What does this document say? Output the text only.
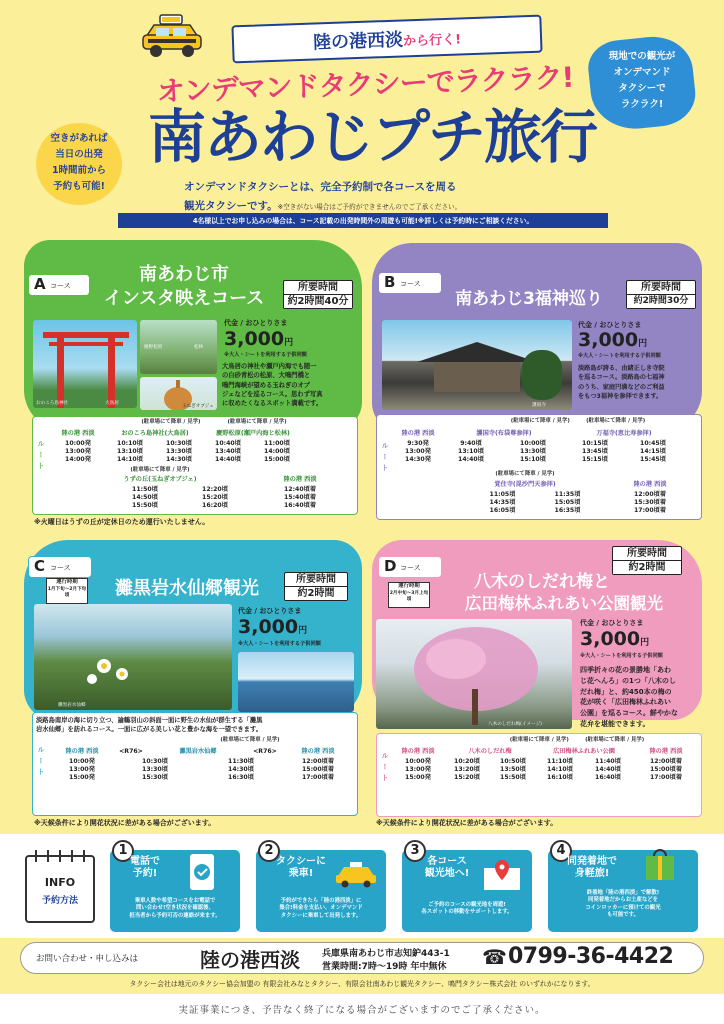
陸の港西淡から行く!
オンデマンドタクシーでラクラク!
南あわじプチ旅行
オンデマンドタクシーとは、完全予約制で各コースを周る
観光タクシーです。※空きがない場合はご予約ができませんのでご了承ください。
4名様以上でお申し込みの場合は、コース記載の出発時間外の周遊も可能!※詳しくは予約時にご相談ください。
空きがあれば
当日の出発
1時間前から
予約も可能!
現地での観光が
オンデマンド
タクシーで
ラクラク!
A コース
南あわじ市
インスタ映えコース
所要時間
約2時間40分
おのころ島神社	大鳥居
慶野松原	松林
玉ねぎオブジェ
代金 / おひとりさま
3,000円
※大人・シートを利用する子供同額
大鳥居の神社や瀬戸内海でも随一
の白砂青松の松原、大鳴門橋と
鳴門海峡が望める玉ねぎのオブ
ジェなどを巡るコース。思わず写真
に収めたくなるスポット満載です。
ルート
(駐車場にて降車 / 見学)　　　　　	(駐車場にて降車 / 見学)
陸の港 西淡	おのころ島神社(大鳥居)	慶野松原(瀬戸内海と松林)
10:00発	10:10頃	10:30頃	10:40頃	11:00頃
13:00発	13:10頃	13:30頃	13:40頃	14:00頃
14:00発	14:10頃	14:30頃	14:40頃	15:00頃
(駐車場にて降車 / 見学)
うずの丘(玉ねぎオブジェ)	陸の港 西淡
11:50頃	12:20頃	12:40頃着
14:50頃	15:20頃	15:40頃着
15:50頃	16:20頃	16:40頃着
※火曜日はうずの丘が定休日のため運行いたしません。
B コース
南あわじ3福神巡り
所要時間
約2時間30分
護国寺
代金 / おひとりさま
3,000円
※大人・シートを利用する子供同額
淡路島が誇る、由緒正しき寺院
を巡るコース。淡路島の七福神
のうち、家庭円満などのご利益
をもつ3福神を参拝できます。
ルート
(駐車場にて降車 / 見学)　　　	(駐車場にて降車 / 見学)
陸の港 西淡	護国寺(布袋尊参拝)	万福寺(恵比寿参拝)
9:30発	9:40頃	10:00頃	10:15頃	10:45頃
13:00発	13:10頃	13:30頃	13:45頃	14:15頃
14:30発	14:40頃	15:10頃	15:15頃	15:45頃
(駐車場にて降車 / 見学)
覚住寺(毘沙門天参拝)	陸の港 西淡
11:05頃	11:35頃	12:00頃着
14:35頃	15:05頃	15:30頃着
16:05頃	16:35頃	17:00頃着
C コース
運行時期
1月下旬〜2月下旬頃	灘黒岩水仙郷観光	所要時間
約2時間
灘黒岩水仙郷
代金 / おひとりさま
3,000円
※大人・シートを利用する子供同額
淡路島南岸の海に切り立つ、諭鶴羽山の斜面一面に野生の水仙が群生する「灘黒
岩水仙郷」を訪れるコース。一面に広がる美しい花と豊かな海を一望できます。
ルート
(駐車場にて降車 / 見学)
陸の港 西淡	<R76>	灘黒岩水仙郷	<R76>	陸の港 西淡
10:00発	10:30頃	11:30頃	12:00頃着
13:00発	13:30頃	14:30頃	15:00頃着
15:00発	15:30頃	16:30頃	17:00頃着
※天候条件により開花状況に差がある場合がございます。
D コース
運行時期
2月中旬〜3月上旬頃
所要時間
約2時間
八木のしだれ梅と
広田梅林ふれあい公園観光
八木のしだれ梅(イメージ)
代金 / おひとりさま
3,000円
※大人・シートを利用する子供同額
四季折々の花の景勝地「あわ
じ花へんろ」の1つ「八木のし
だれ梅」と、約450本の梅の
花が咲く「広田梅林ふれあい
公園」を巡るコース。鮮やかな
花弁を堪能できます。
ルート
(駐車場にて降車 / 見学)　　　	(駐車場にて降車 / 見学)
陸の港 西淡	八木のしだれ梅	広田梅林ふれあい公園	陸の港 西淡
10:00発	10:20頃	10:50頃	11:10頃	11:40頃	12:00頃着
13:00発	13:20頃	13:50頃	14:10頃	14:40頃	15:00頃着
15:00発	15:20頃	15:50頃	16:10頃	16:40頃	17:00頃着
※天候条件により開花状況に差がある場合がございます。
INFO
予約方法
1
電話で
予約!
乗車人数や希望コースをお電話で
問い合わせ!空き状況を確認後、
担当者から予約可否の連絡が来ます。
2
タクシーに
乗車!
予約ができたら「陸の港西淡」に
集合!料金を支払い、オンデマンド
タクシーに乗車して出発します。
3
各コース
観光地へ!
ご予約のコースの観光地を周遊!
各スポットの移動をサポートします。
4
同発着地で
身軽旅!
終着地「陸の港西淡」で解散!
同発着地だからお土産などを
コインロッカーに預けての観光
も可能です。
お問い合わせ・申し込みは	陸の港西淡 兵庫県南あわじ市志知鈩443-1
営業時間:7時〜19時 年中無休 ☎ 0799-36-4422
タクシー会社は地元のタクシー協会加盟の 有限会社みなとタクシー、有限会社南あわじ観光タクシー、鳴門タクシー株式会社 のいずれかになります。
実証事業につき、予告なく終了になる場合がございますのでご了承ください。
